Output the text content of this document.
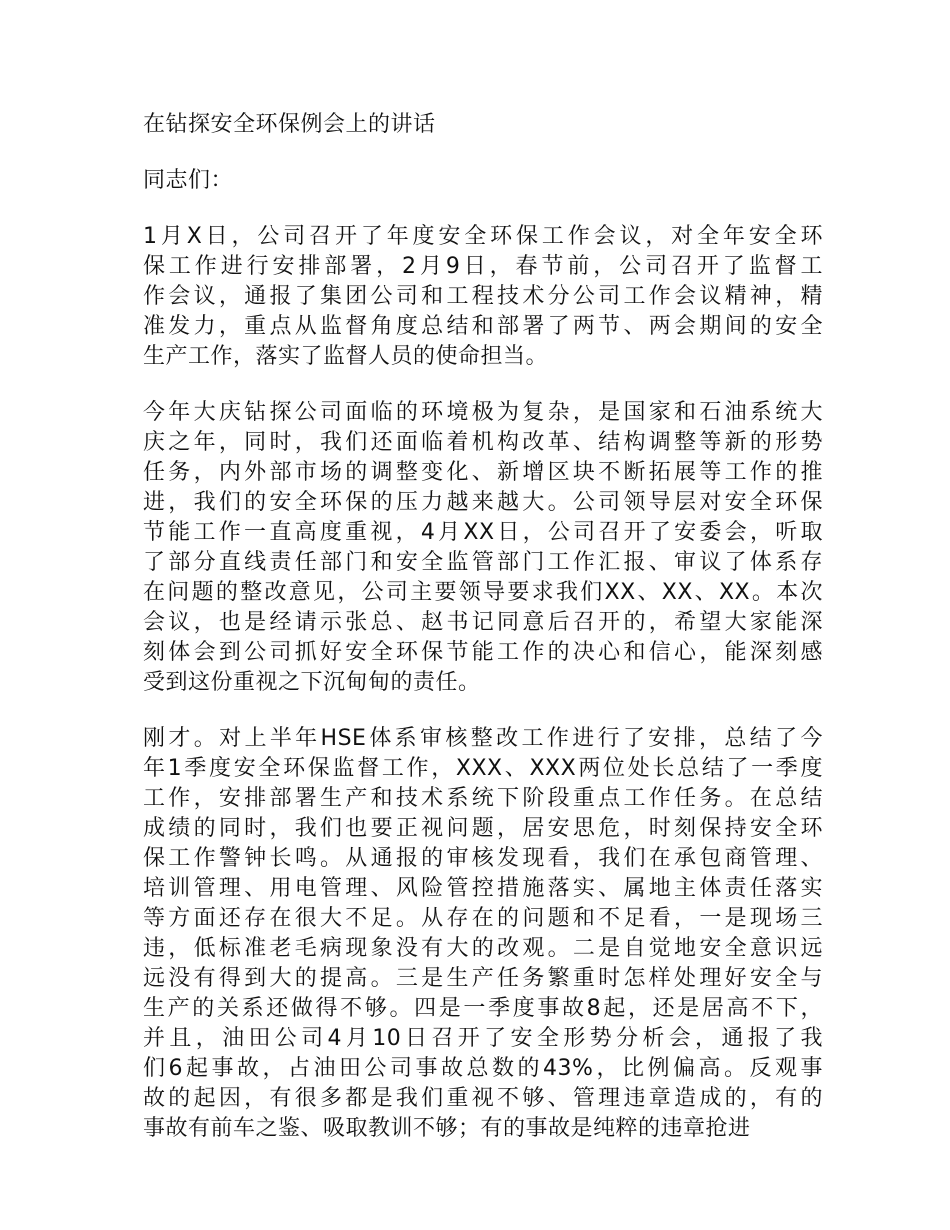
在钻探安全环保例会上的讲话
同志们：
1月X日，公司召开了年度安全环保工作会议，对全年安全环
保工作进行安排部署，2月9日，春节前，公司召开了监督工
作会议，通报了集团公司和工程技术分公司工作会议精神，精
准发力，重点从监督角度总结和部署了两节、两会期间的安全
生产工作，落实了监督人员的使命担当。
今年大庆钻探公司面临的环境极为复杂，是国家和石油系统大
庆之年，同时，我们还面临着机构改革、结构调整等新的形势
任务，内外部市场的调整变化、新增区块不断拓展等工作的推
进，我们的安全环保的压力越来越大。公司领导层对安全环保
节能工作一直高度重视，4月XX日，公司召开了安委会，听取
了部分直线责任部门和安全监管部门工作汇报、审议了体系存
在问题的整改意见，公司主要领导要求我们XX、XX、XX。本次
会议，也是经请示张总、赵书记同意后召开的，希望大家能深
刻体会到公司抓好安全环保节能工作的决心和信心，能深刻感
受到这份重视之下沉甸甸的责任。
刚才。对上半年HSE体系审核整改工作进行了安排，总结了今
年1季度安全环保监督工作，XXX、XXX两位处长总结了一季度
工作，安排部署生产和技术系统下阶段重点工作任务。在总结
成绩的同时，我们也要正视问题，居安思危，时刻保持安全环
保工作警钟长鸣。从通报的审核发现看，我们在承包商管理、
培训管理、用电管理、风险管控措施落实、属地主体责任落实
等方面还存在很大不足。从存在的问题和不足看，一是现场三
违，低标准老毛病现象没有大的改观。二是自觉地安全意识远
远没有得到大的提高。三是生产任务繁重时怎样处理好安全与
生产的关系还做得不够。四是一季度事故8起，还是居高不下，
并且，油田公司4月10日召开了安全形势分析会，通报了我
们6起事故，占油田公司事故总数的43%，比例偏高。反观事
故的起因，有很多都是我们重视不够、管理违章造成的，有的
事故有前车之鉴、吸取教训不够；有的事故是纯粹的违章抢进
